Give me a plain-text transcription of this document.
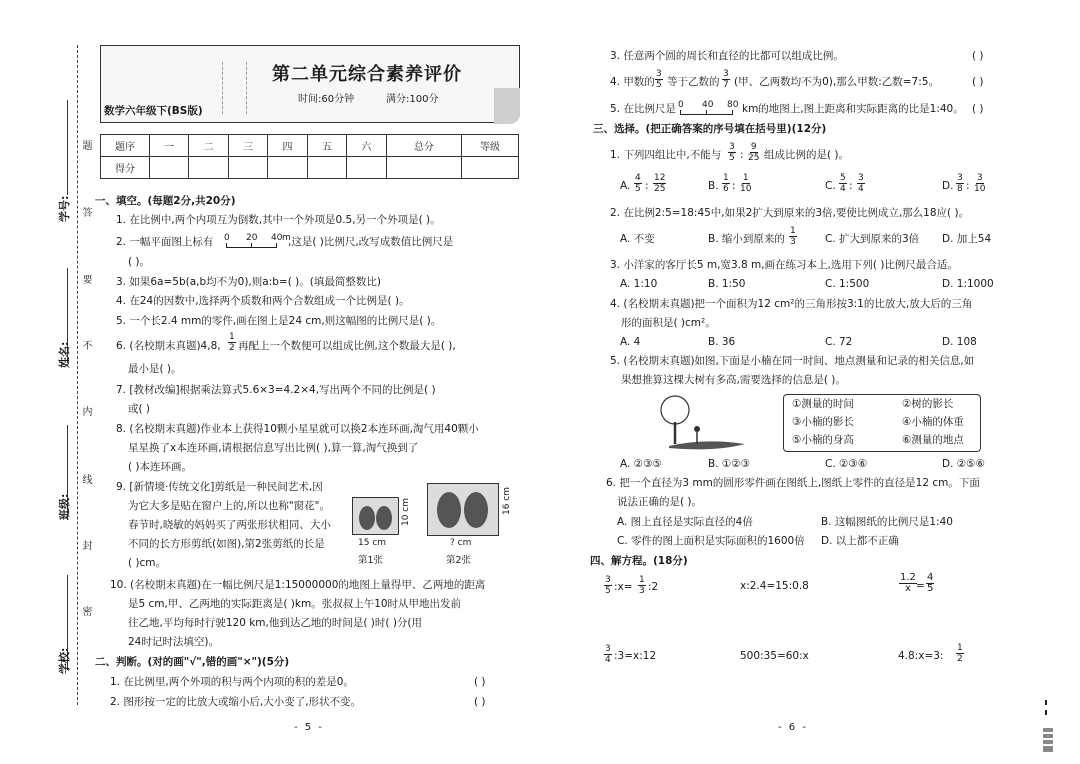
学号:
姓名:
班级:
学校:
题
答
要
不
内
线
封
密
第二单元综合素养评价
时间:60分钟	满分:100分
数学六年级下(BS版)
题序	一	二	三	四	五	六	总分	等级
得分								
一、填空。(每题2分,共20分)
1. 在比例中,两个内项互为倒数,其中一个外项是0.5,另一个外项是( )。
2. 一幅平面图上标有 0 20 40 m
,这是( )比例尺,改写成数值比例尺是
( )。
3. 如果6a=5b(a,b均不为0),则a:b=( )。(填最简整数比)
4. 在24的因数中,选择两个质数和两个合数组成一个比例是( )。
5. 一个长2.4 mm的零件,画在图上是24 cm,则这幅图的比例尺是( )。
6. (名校期末真题)4,8, $\frac{1}{2}$ 再配上一个数便可以组成比例,这个数最大是( ),
最小是( )。
7. [教材改编]根据乘法算式5.6×3=4.2×4,写出两个不同的比例是( )
或( )
8. (名校期末真题)作业本上获得10颗小星星就可以换2本连环画,淘气用40颗小
星星换了x本连环画,请根据信息写出比例( ),算一算,淘气换到了
( )本连环画。
9. [新情境·传统文化]剪纸是一种民间艺术,因
为它大多是贴在窗户上的,所以也称"窗花"。
春节时,晓敏的妈妈买了两张形状相同、大小
不同的长方形剪纸(如图),第2张剪纸的长是
( )cm。
10 cm
15 cm
第1张
16 cm
? cm
第2张
10. (名校期末真题)在一幅比例尺是1:15000000的地图上量得甲、乙两地的距离
是5 cm,甲、乙两地的实际距离是( )km。张叔叔上午10时从甲地出发前
往乙地,平均每时行驶120 km,他到达乙地的时间是( )时( )分(用
24时记时法填空)。
二、判断。(对的画"√",错的画"×")(5分)
1. 在比例里,两个外项的积与两个内项的积的差是0。	( )
2. 图形按一定的比放大或缩小后,大小变了,形状不变。	( )
- 5 -
3. 任意两个圆的周长和直径的比都可以组成比例。	( )
4. 甲数的 $\frac{3}{5}$ 等于乙数的 $\frac{3}{7}$ (甲、乙两数均不为0),那么甲数:乙数=7:5。	( )
5. 在比例尺是 0 40 80 km的地图上,图上距离和实际距离的比是1:40。 ( )
三、选择。(把正确答案的序号填在括号里)(12分)
1. 下列四组比中,不能与 $\frac{3}{5}$ : $\frac{9}{25}$ 组成比例的是( )。
A. $\frac{4}{5}$ : $\frac{12}{25}$	B. $\frac{1}{6}$ : $\frac{1}{10}$	C. $\frac{5}{4}$ : $\frac{3}{4}$	D. $\frac{3}{8}$ : $\frac{3}{10}$
2. 在比例2:5=18:45中,如果2扩大到原来的3倍,要使比例成立,那么18应( )。
A. 不变	B. 缩小到原来的 $\frac{1}{3}$	C. 扩大到原来的3倍 D. 加上54
3. 小洋家的客厅长5 m,宽3.8 m,画在练习本上,选用下列( )比例尺最合适。
A. 1:10	B. 1:50	C. 1:500	D. 1:1000
4. (名校期末真题)把一个面积为12 cm²的三角形按3:1的比放大,放大后的三角
形的面积是( )cm²。
A. 4	B. 36	C. 72	D. 108
5. (名校期末真题)如图,下面是小楠在同一时间、地点测量和记录的相关信息,如
果想推算这棵大树有多高,需要选择的信息是( )。
①测量的时间	②树的影长
③小楠的影长	④小楠的体重
⑤小楠的身高	⑥测量的地点
A. ②③⑤	B. ①②③	C. ②③⑥	D. ②⑤⑥
6. 把一个直径为3 mm的圆形零件画在图纸上,图纸上零件的直径是12 cm。下面
说法正确的是( )。
A. 图上直径是实际直径的4倍	B. 这幅图纸的比例尺是1:40
C. 零件的图上面积是实际面积的1600倍 D. 以上都不正确
四、解方程。(18分)
$\frac{3}{5}$ :x= $\frac{1}{3}$ :2	x:2.4=15:0.8	$\frac{1.2}{x} = \frac{4}{5}$
$\frac{3}{4}$ :3=x:12	500:35=60:x	4.8:x=3: $\frac{1}{2}$
- 6 -
